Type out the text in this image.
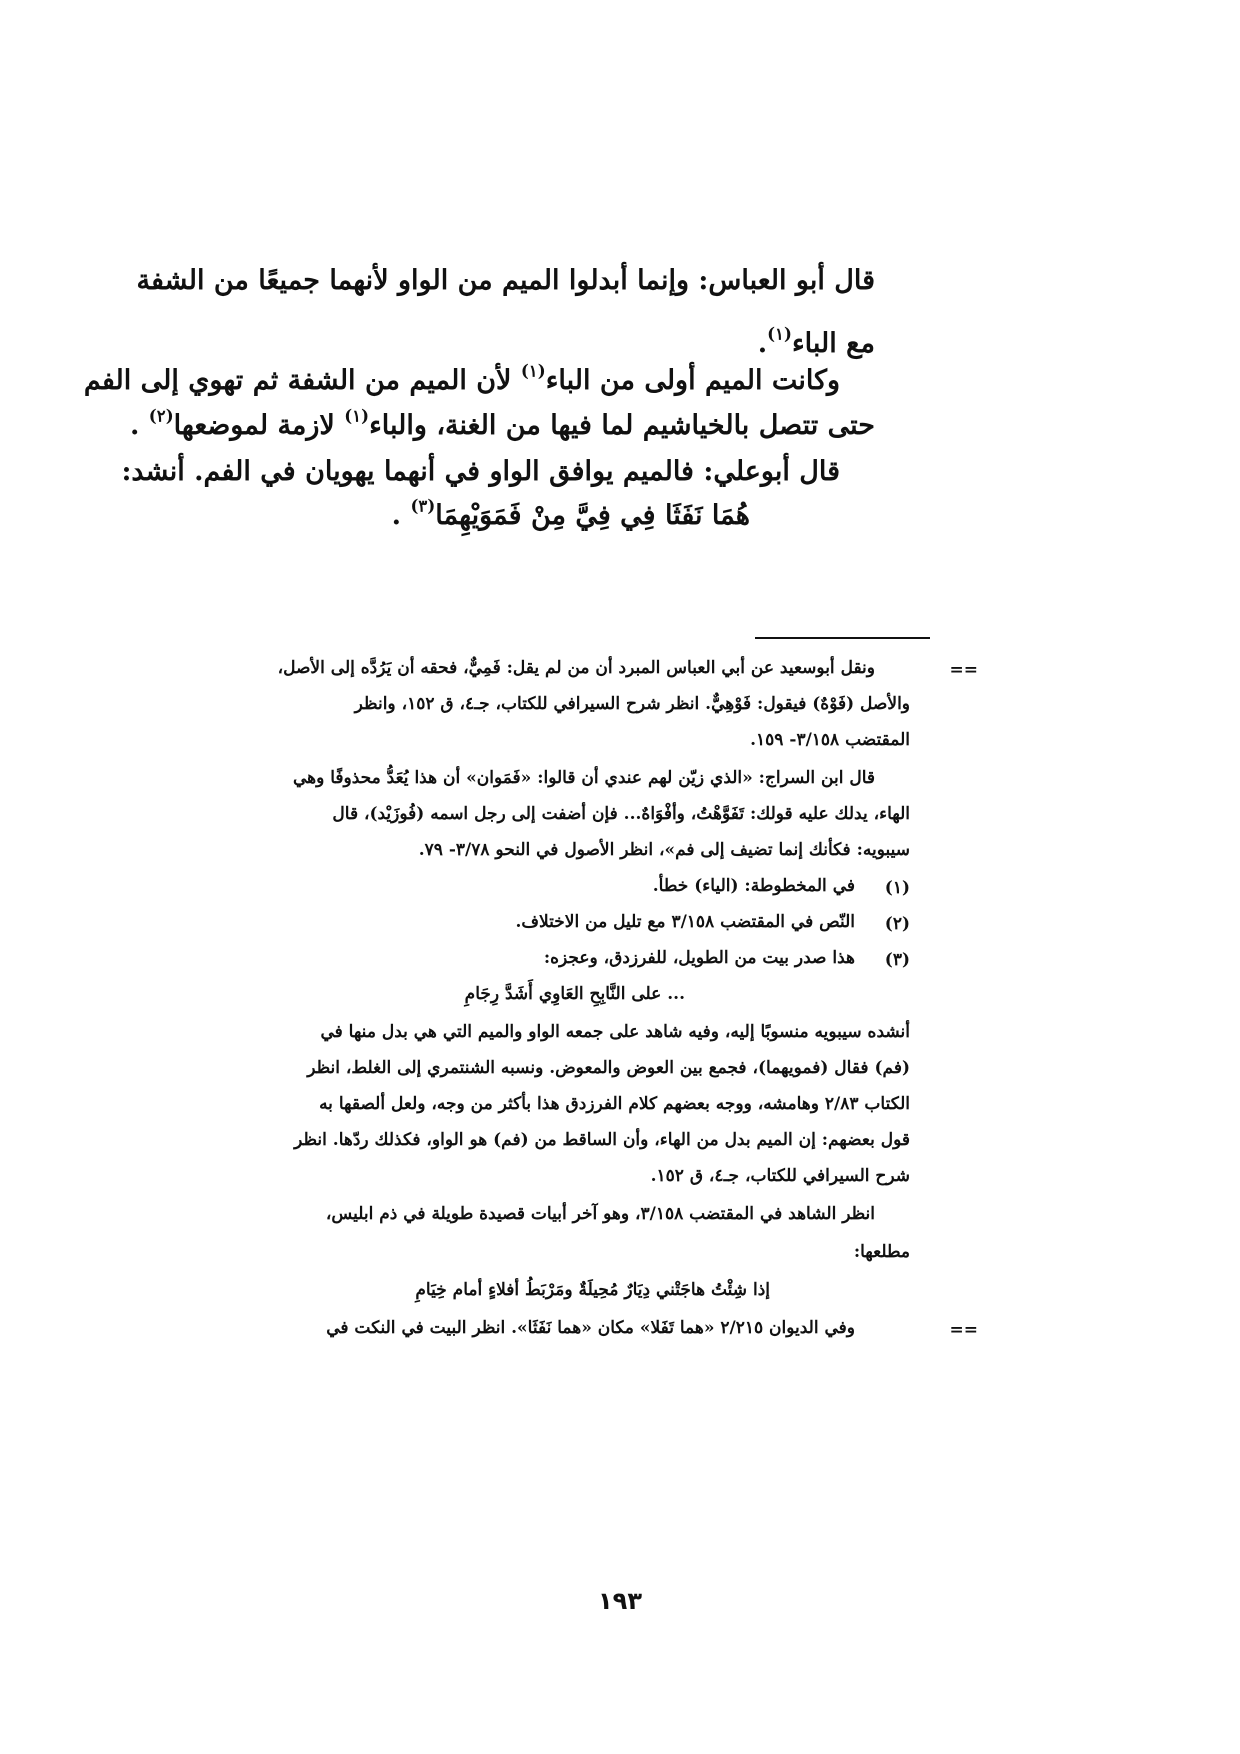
قال أبو العباس: وإنما أبدلوا الميم من الواو لأنهما جميعًا من الشفة
مع الباء$^{(١)}$.
وكانت الميم أولى من الباء$^{(١)}$ لأن الميم من الشفة ثم تهوي إلى الفم
حتى تتصل بالخياشيم لما فيها من الغنة، والباء$^{(١)}$ لازمة لموضعها$^{(٢)}$ .
قال أبوعلي: فالميم يوافق الواو في أنهما يهويان في الفم. أنشد:
هُمَا نَفَثَا فِي فِيَّ مِنْ فَمَوَيْهِمَا$^{(٣)}$ .
==
ونقل أبوسعيد عن أبي العباس المبرد أن من لم يقل: فَمِيٌّ، فحقه أن يَرُدَّه إلى الأصل،
والأصل (فَوْهٌ) فيقول: فَوْهِيٌّ. انظر شرح السيرافي للكتاب، جـ٤، ق ١٥٢، وانظر
المقتضب ٣/١٥٨- ١٥٩.
قال ابن السراج: «الذي زيّن لهم عندي أن قالوا: «فَمَوان» أن هذا يُعَدُّ محذوفًا وهي
الهاء، يدلك عليه قولك: تَفَوَّهْتُ، وأفْوَاهٌ... فإن أضفت إلى رجل اسمه (فُوزَيْد)، قال
سيبويه: فكأنك إنما تضيف إلى فم»، انظر الأصول في النحو ٣/٧٨- ٧٩.
(١)
في المخطوطة: (الياء) خطأ.
(٢)
النّص في المقتضب ٣/١٥٨ مع تليل من الاختلاف.
(٣)
هذا صدر بيت من الطويل، للفرزدق، وعجزه:
... على النَّابِحِ العَاوِي أَشَدَّ رِجَامِ
أنشده سيبويه منسوبًا إليه، وفيه شاهد على جمعه الواو والميم التي هي بدل منها في
(فم) فقال (فمويهما)، فجمع بين العوض والمعوض. ونسبه الشنتمري إلى الغلط، انظر
الكتاب ٢/٨٣ وهامشه، ووجه بعضهم كلام الفرزدق هذا بأكثر من وجه، ولعل ألصقها به
قول بعضهم: إن الميم بدل من الهاء، وأن الساقط من (فم) هو الواو، فكذلك ردّها. انظر
شرح السيرافي للكتاب، جـ٤، ق ١٥٢.
انظر الشاهد في المقتضب ٣/١٥٨، وهو آخر أبيات قصيدة طويلة في ذم ابليس،
مطلعها:
إذا شِئْتُ هاجَتْني دِيَارٌ مُحِيلَةٌ ومَرْبَطُ أفلاءٍ أمام خِيَامِ
وفي الديوان ٢/٢١٥ «هما تَفَلا» مكان «هما نَفَثَا». انظر البيت في النكت في	==
١٩٣
